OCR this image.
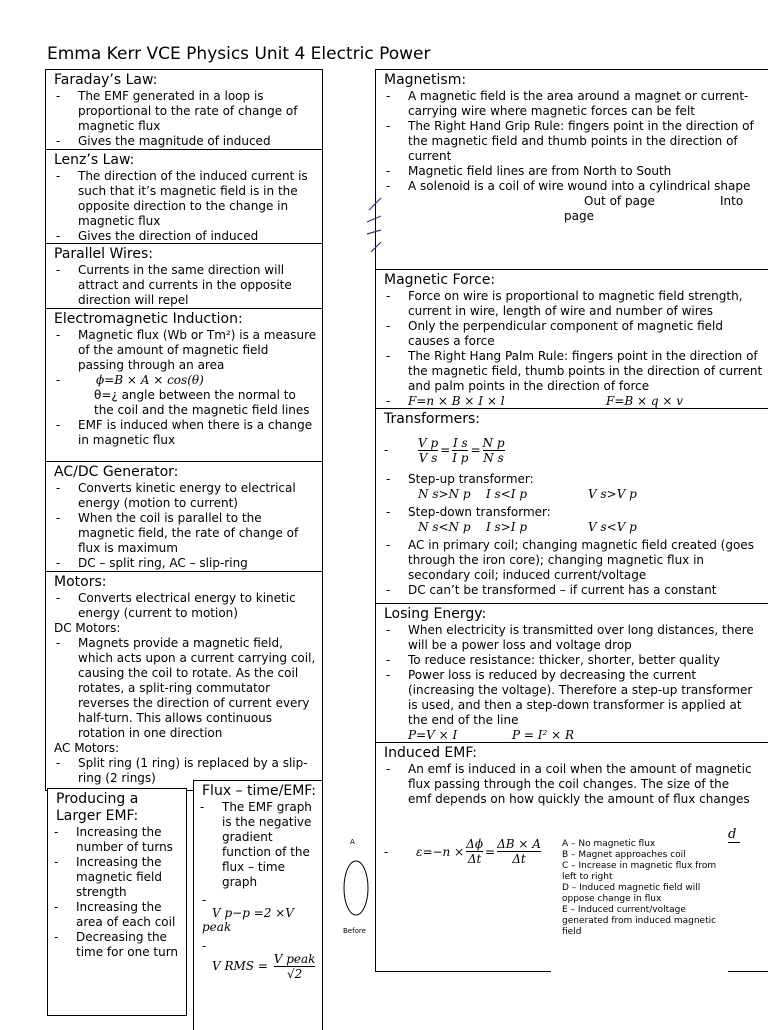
Emma Kerr VCE Physics Unit 4 Electric Power
Faraday’s Law:
- The EMF generated in a loop is proportional to the rate of change of magnetic flux
- Gives the magnitude of induced
Lenz’s Law:
- The direction of the induced current is such that it’s magnetic field is in the opposite direction to the change in magnetic flux
- Gives the direction of induced
Parallel Wires:
- Currents in the same direction will attract and currents in the opposite direction will repel
Electromagnetic Induction:
- Magnetic flux (Wb or Tm²) is a measure of the amount of magnetic field passing through an area
- ϕ=B × A × cos(θ)
θ=¿ angle between the normal to the coil and the magnetic field lines
- EMF is induced when there is a change in magnetic flux
AC/DC Generator:
- Converts kinetic energy to electrical energy (motion to current)
- When the coil is parallel to the magnetic field, the rate of change of flux is maximum
- DC – split ring, AC – slip-ring
Motors:
- Converts electrical energy to kinetic energy (current to motion)

DC Motors:

- Magnets provide a magnetic field, which acts upon a current carrying coil, causing the coil to rotate. As the coil rotates, a split-ring commutator reverses the direction of current every half-turn. This allows continuous rotation in one direction

AC Motors:

- Split ring (1 ring) is replaced by a slip-ring (2 rings)
Producing a Larger EMF:
- Increasing the number of turns
- Increasing the magnetic field strength
- Increasing the area of each coil
- Decreasing the time for one turn
Flux – time/EMF:
- The EMF graph is the negative gradient function of the flux – time graph
-
V p−p =2 ×V peak
-
V RMS = $\frac{\text{V peak}}{√2}$
Magnetism:
- A magnetic field is the area around a magnet or current-carrying wire where magnetic forces can be felt
- The Right Hand Grip Rule: fingers point in the direction of the magnetic field and thumb points in the direction of current
- Magnetic field lines are from North to South
- A solenoid is a coil of wire wound into a cylindrical shape
Out of page	Into
page
Magnetic Force:
- Force on wire is proportional to magnetic field strength, current in wire, length of wire and number of wires
- Only the perpendicular component of magnetic field causes a force
- The Right Hang Palm Rule: fingers point in the direction of the magnetic field, thumb points in the direction of current and palm points in the direction of force
- F=n × B × I × l	F=B × q × v
Transformers:
-	$\frac{\text{V p}}{\text{V s}} = \frac{\text{I s}}{\text{I p}} = \frac{\text{N p}}{\text{N s}}$
- Step-up transformer:
N s>N p I s<I p	V s>V p
- Step-down transformer:
N s<N p I s>I p	V s<V p
- AC in primary coil; changing magnetic field created (goes through the iron core); changing magnetic flux in secondary coil; induced current/voltage
- DC can’t be transformed – if current has a constant
Losing Energy:
- When electricity is transmitted over long distances, there will be a power loss and voltage drop
- To reduce resistance: thicker, shorter, better quality
- Power loss is reduced by decreasing the current (increasing the voltage). Therefore a step-up transformer is used, and then a step-down transformer is applied at the end of the line
P=V × I	P = I² × R
Induced EMF:
- An emf is induced in a coil when the amount of magnetic flux passing through the coil changes. The size of the emf depends on how quickly the amount of flux changes
-	$\varepsilon=-n \times \frac{\Delta\phi}{\Delta t} = \frac{\Delta B \times A}{\Delta t}$
d
A – No magnetic flux
B – Magnet approaches coil
C – Increase in magnetic flux from left to right
D – Induced magnetic field will oppose change in flux
E – Induced current/voltage generated from induced magnetic field
A
Before
